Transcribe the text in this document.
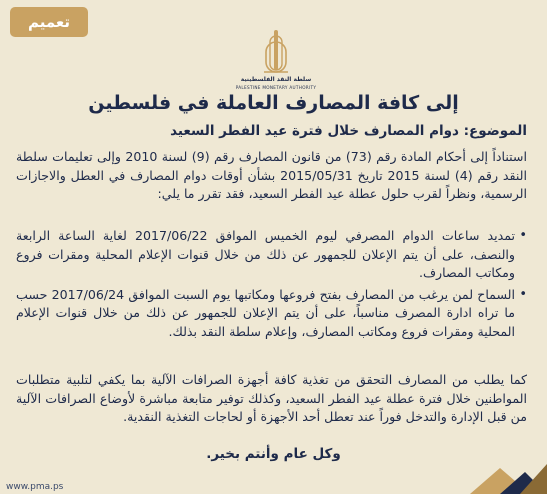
تعميم
سلطة النقد الفلسطينية
PALESTINE MONETARY AUTHORITY
إلى كافة المصارف العاملة في فلسطين
الموضوع: دوام المصارف خلال فترة عيد الفطر السعيد
استناداً إلى أحكام المادة رقم (73) من قانون المصارف رقم (9) لسنة 2010 وإلى تعليمات سلطة النقد رقم (4) لسنة 2015 تاريخ 2015/05/31 بشأن أوقات دوام المصارف في العطل والاجازات الرسمية، ونظراً لقرب حلول عطلة عيد الفطر السعيد، فقد تقرر ما يلي:
• تمديد ساعات الدوام المصرفي ليوم الخميس الموافق 2017/06/22 لغاية الساعة الرابعة والنصف، على أن يتم الإعلان للجمهور عن ذلك من خلال قنوات الإعلام المحلية ومقرات فروع ومكاتب المصارف.
• السماح لمن يرغب من المصارف بفتح فروعها ومكاتبها يوم السبت الموافق 2017/06/24 حسب ما تراه ادارة المصرف مناسباً، على أن يتم الإعلان للجمهور عن ذلك من خلال قنوات الإعلام المحلية ومقرات فروع ومكاتب المصارف، وإعلام سلطة النقد بذلك.
كما يطلب من المصارف التحقق من تغذية كافة أجهزة الصرافات الآلية بما يكفي لتلبية متطلبات المواطنين خلال فترة عطلة عيد الفطر السعيد، وكذلك توفير متابعة مباشرة لأوضاع الصرافات الآلية من قبل الإدارة والتدخل فوراً عند تعطل أحد الأجهزة أو لحاجات التغذية النقدية.
وكل عام وأنتم بخير.
www.pma.ps
